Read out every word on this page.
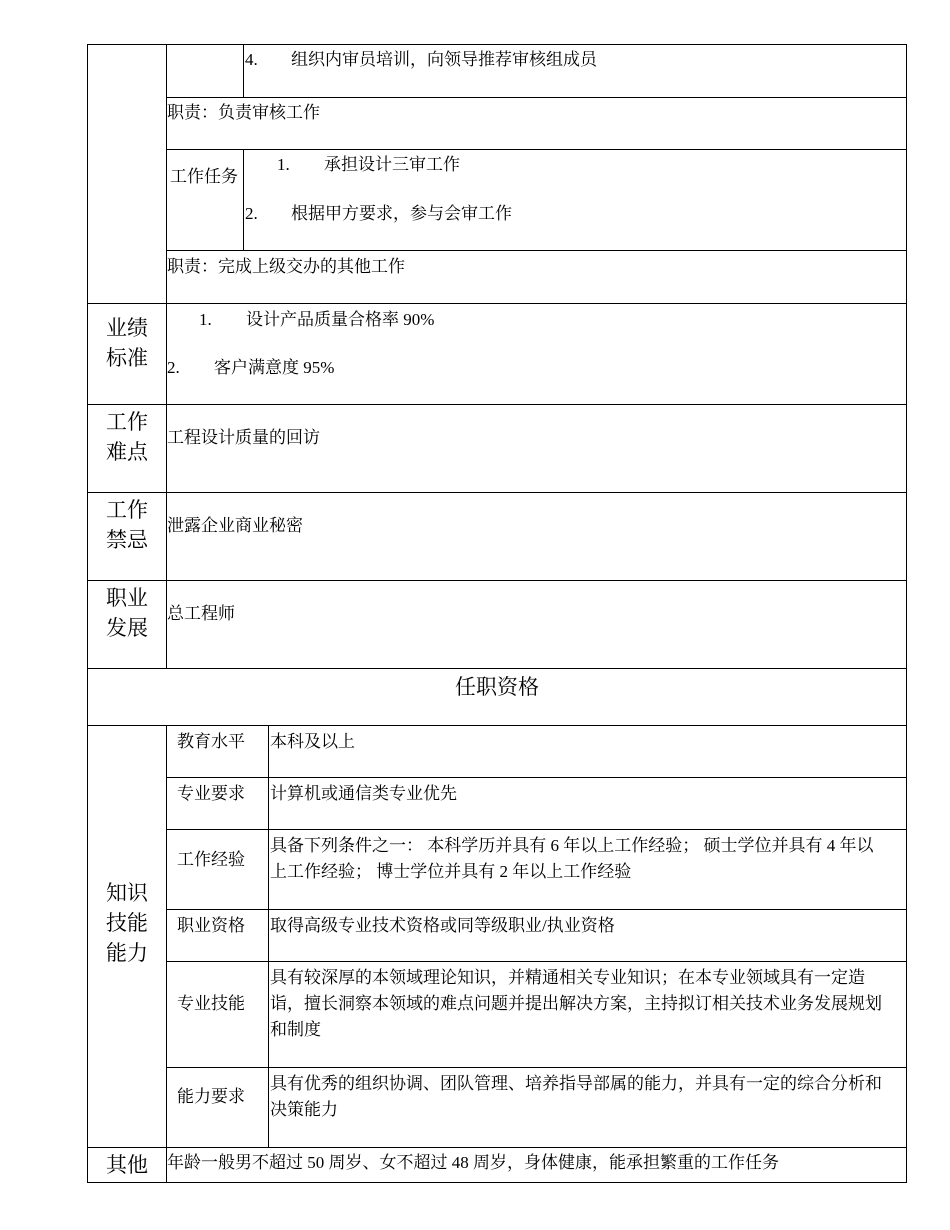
4. 组织内审员培训，向领导推荐审核组成员
职责：负责审核工作
工作任务
1. 承担设计三审工作
2. 根据甲方要求，参与会审工作
职责：完成上级交办的其他工作
业绩标准
1. 设计产品质量合格率 90%
2. 客户满意度 95%
工作难点
工程设计质量的回访
工作禁忌
泄露企业商业秘密
职业发展
总工程师
任职资格
知识技能能力
教育水平 本科及以上
专业要求 计算机或通信类专业优先
工作经验
具备下列条件之一： 本科学历并具有 6 年以上工作经验； 硕士学位并具有 4 年以上工作经验； 博士学位并具有 2 年以上工作经验
职业资格 取得高级专业技术资格或同等级职业/执业资格
专业技能
具有较深厚的本领域理论知识，并精通相关专业知识；在本专业领域具有一定造诣，擅长洞察本领域的难点问题并提出解决方案，主持拟订相关技术业务发展规划和制度
能力要求
具有优秀的组织协调、团队管理、培养指导部属的能力，并具有一定的综合分析和决策能力
其他	年龄一般男不超过 50 周岁、女不超过 48 周岁，身体健康，能承担繁重的工作任务
